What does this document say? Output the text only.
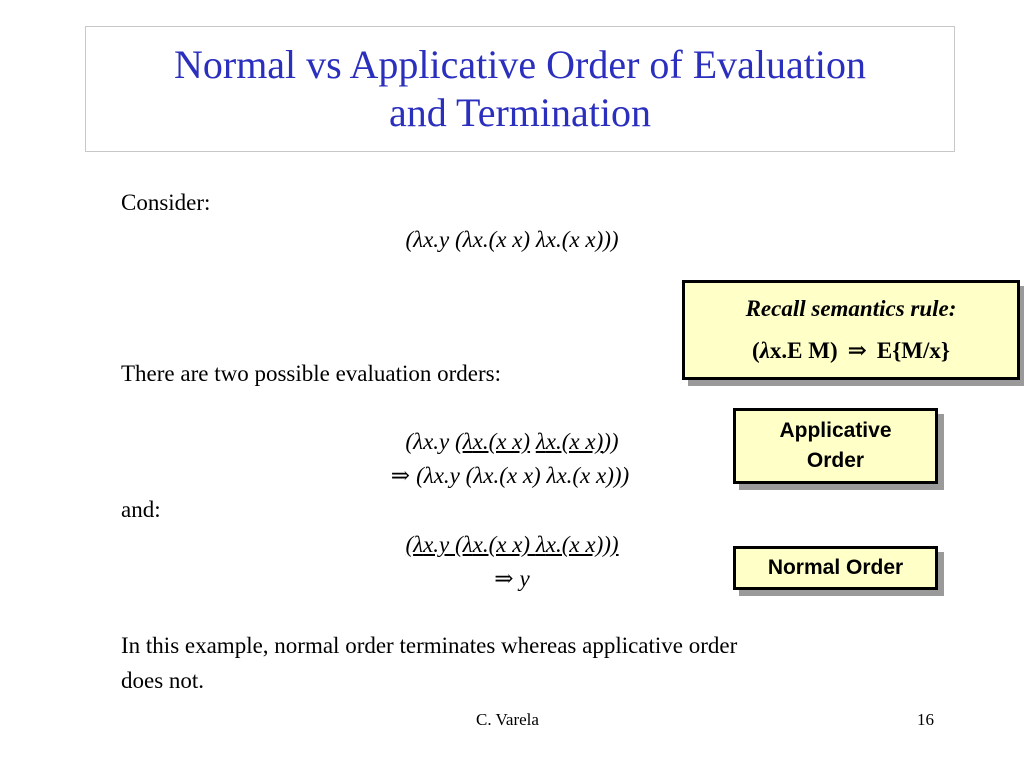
Normal vs Applicative Order of Evaluation
and Termination
Consider:
(λx.y (λx.(x x) λx.(x x)))
There are two possible evaluation orders:
(λx.y (λx.(x x) λx.(x x)))
⇒ (λx.y (λx.(x x) λx.(x x)))
and:
(λx.y (λx.(x x) λx.(x x)))
⇒ y
In this example, normal order terminates whereas applicative order
does not.
Recall semantics rule:
(λx.E M) ⇒ E{M/x}
Applicative
Order
Normal Order
C. Varela	16
